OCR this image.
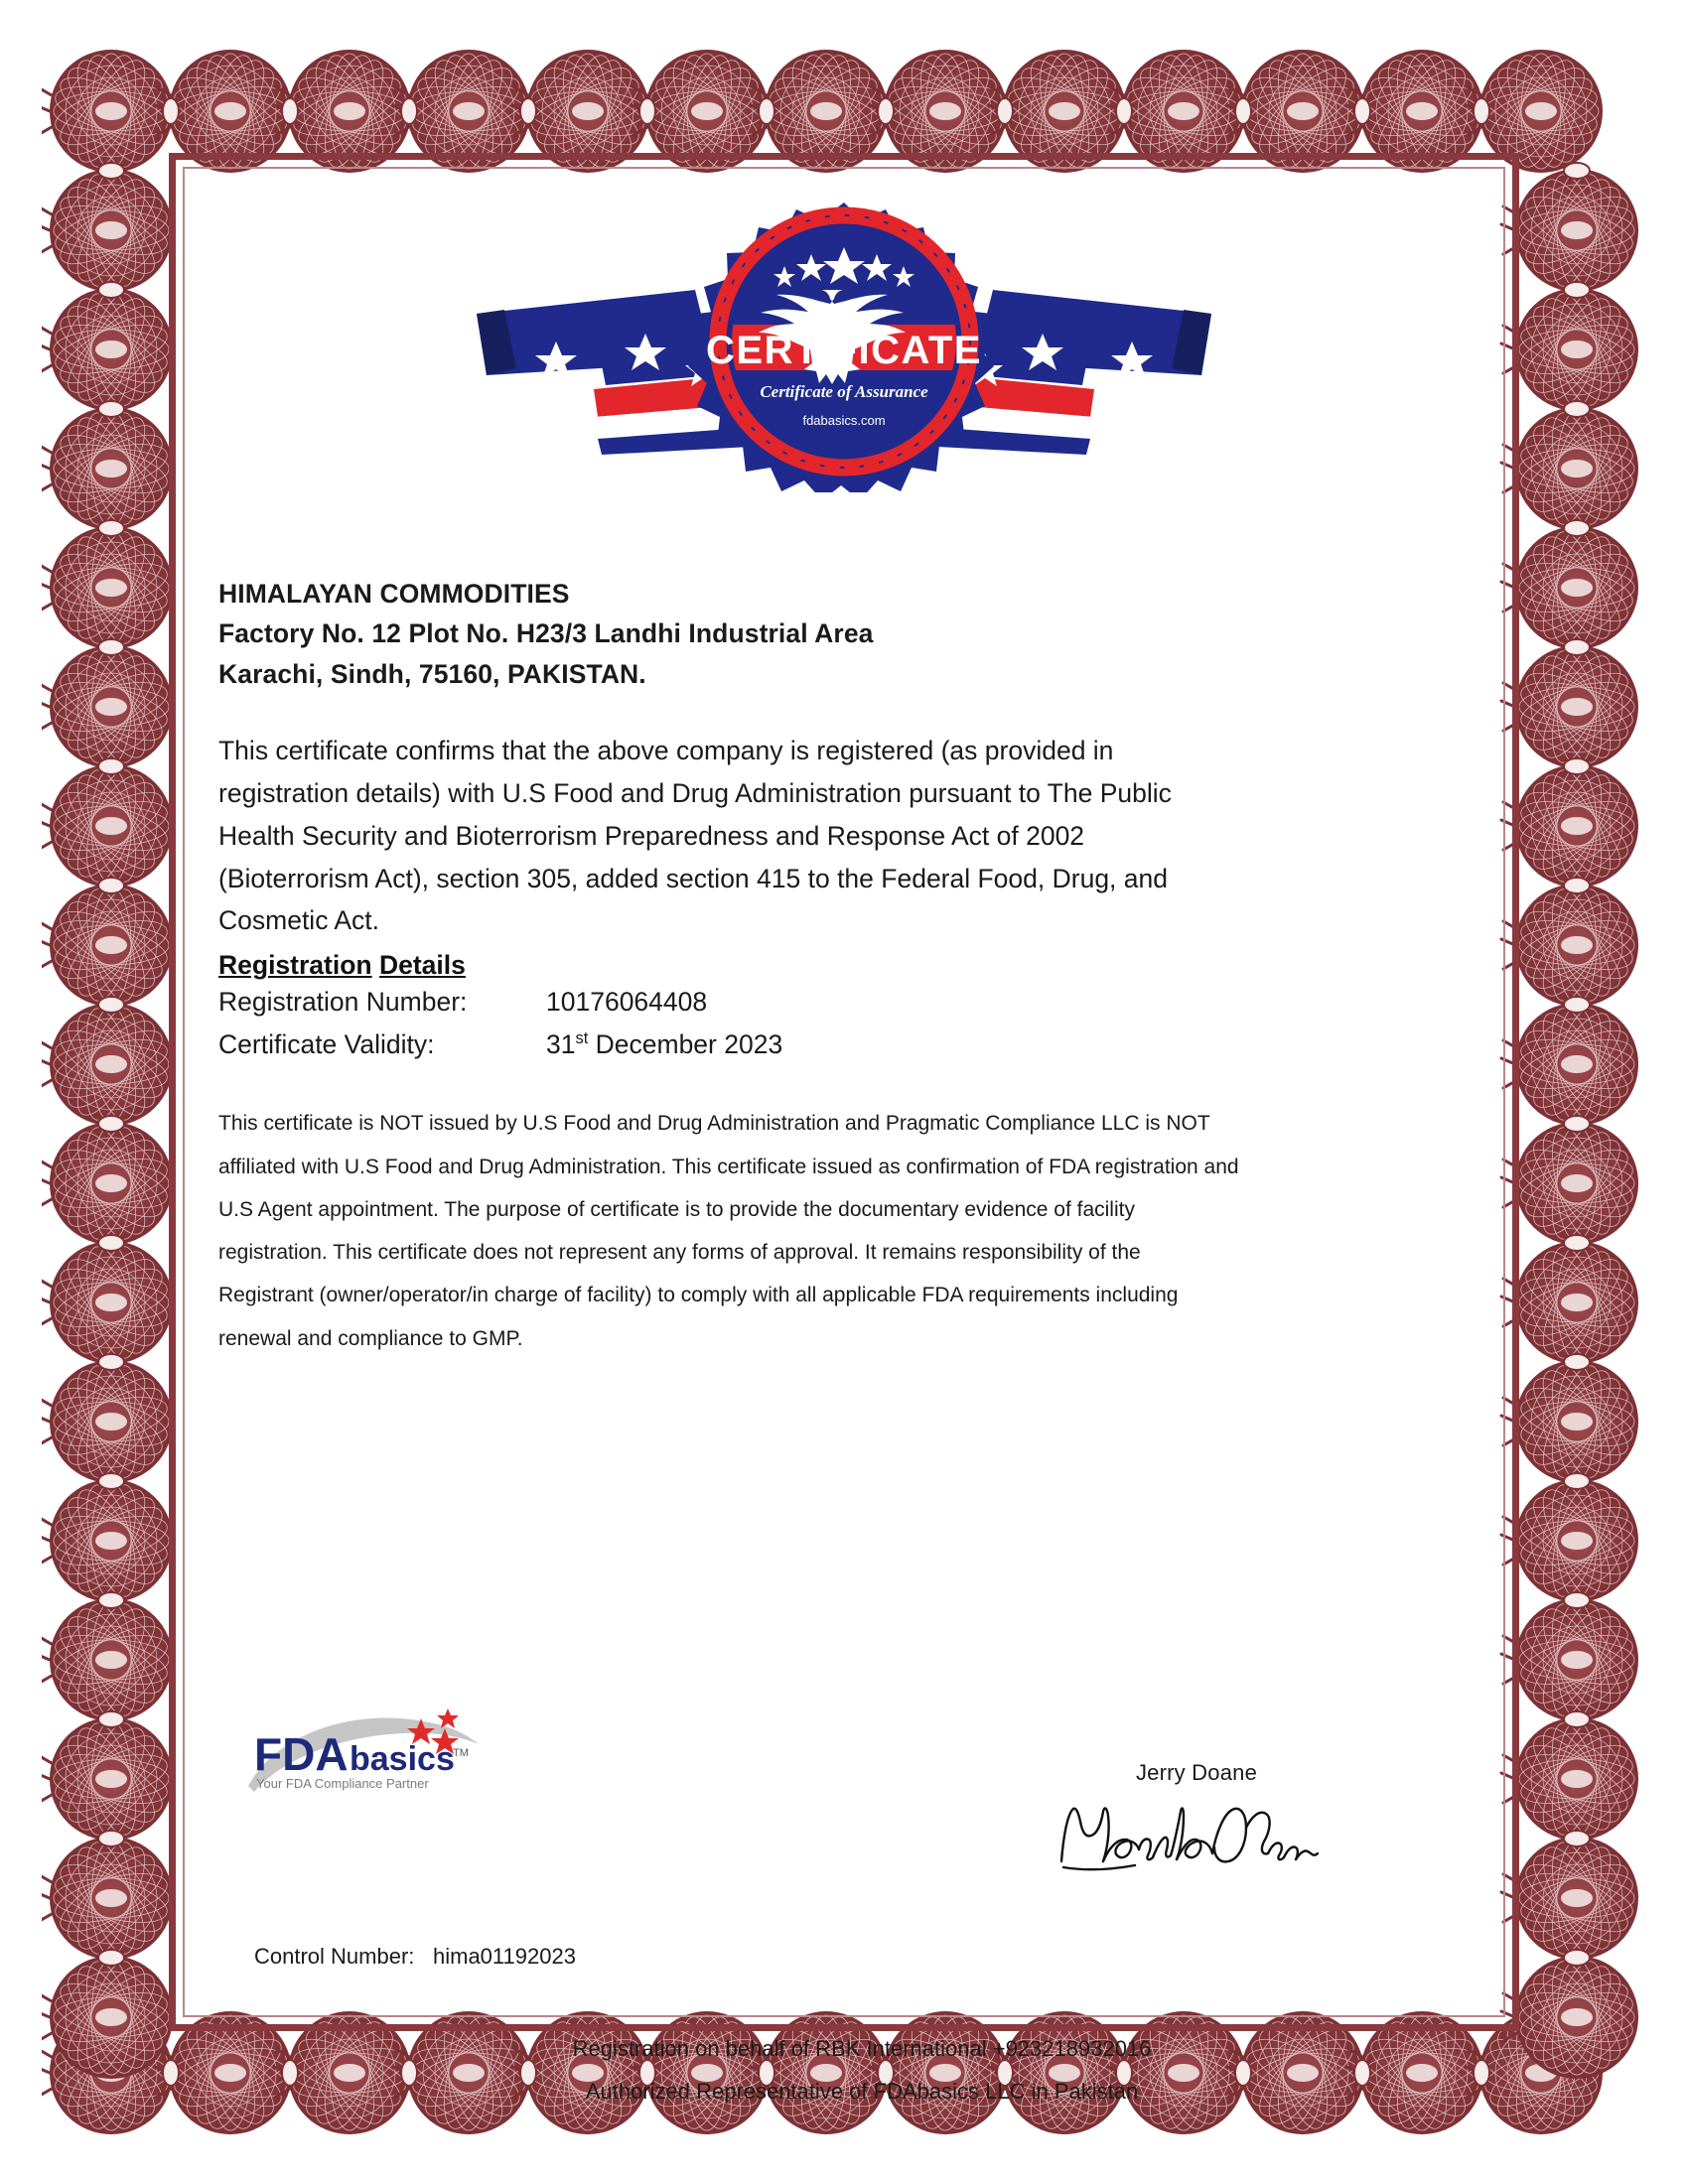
CERTIFICATE
Certificate of Assurance
fdabasics.com
HIMALAYAN COMMODITIES
Factory No. 12 Plot No. H23/3 Landhi Industrial Area
Karachi, Sindh, 75160, PAKISTAN.
This certificate confirms that the above company is registered (as provided in registration details) with U.S Food and Drug Administration pursuant to The Public Health Security and Bioterrorism Preparedness and Response Act of 2002 (Bioterrorism Act), section 305, added section 415 to the Federal Food, Drug, and Cosmetic Act.
Registration Details
Registration Number:	10176064408
Certificate Validity:	31st December 2023
This certificate is NOT issued by U.S Food and Drug Administration and Pragmatic Compliance LLC is NOT affiliated with U.S Food and Drug Administration. This certificate issued as confirmation of FDA registration and U.S Agent appointment. The purpose of certificate is to provide the documentary evidence of facility registration. This certificate does not represent any forms of approval. It remains responsibility of the Registrant (owner/operator/in charge of facility) to comply with all applicable FDA requirements including renewal and compliance to GMP.
FDA basics
TM
Your FDA Compliance Partner	Jerry Doane
Control Number: hima01192023
Registration on behalf of RBK International +923218932016
Authorized Representative of FDAbasics LLC in Pakistan
